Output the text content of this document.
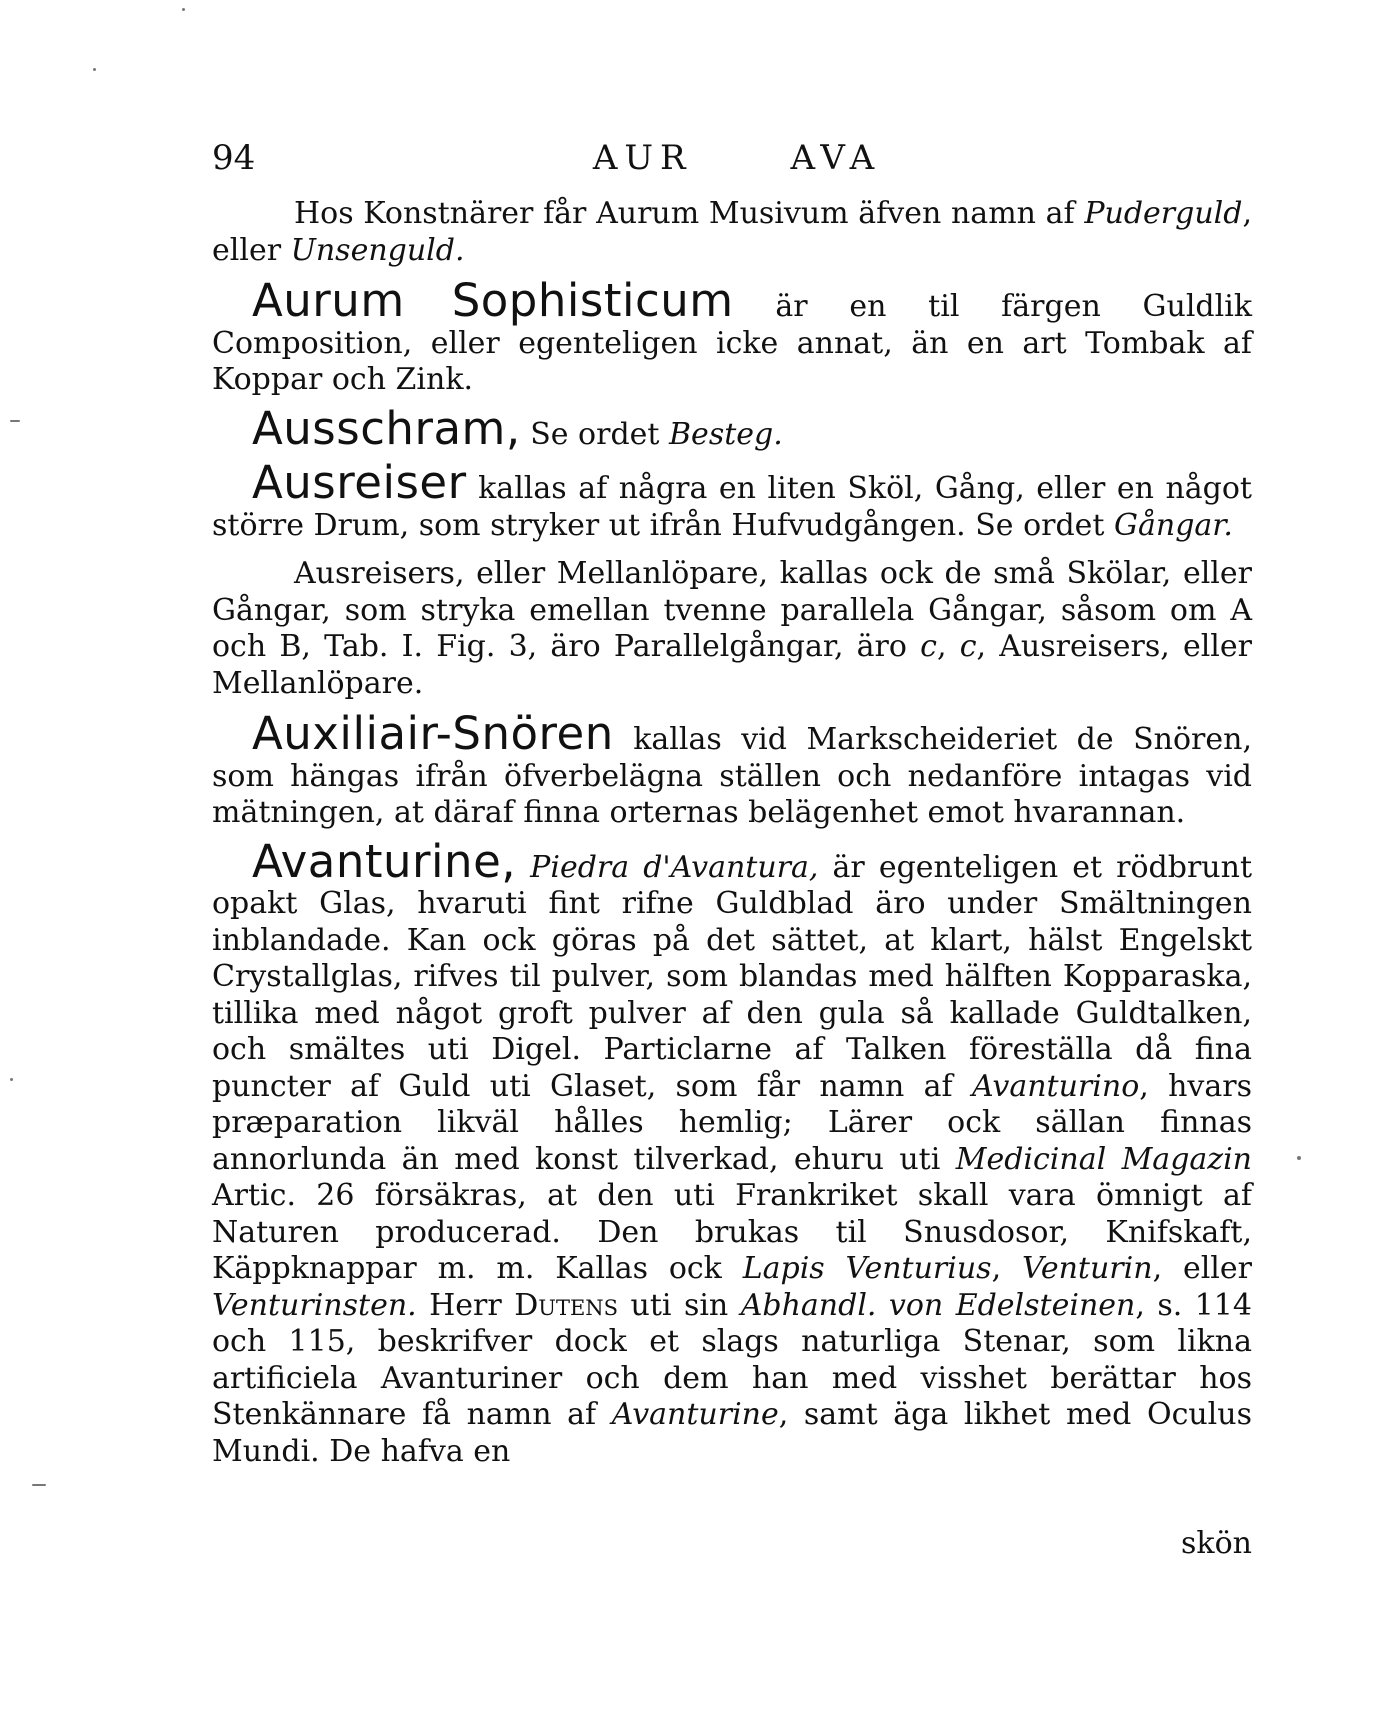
94	AUR	AVA

Hos Konstnärer får Aurum Musivum äfven namn af Puderguld, eller Unsenguld.

Aurum Sophisticum är en til färgen Guldlik Composition, eller egenteligen icke annat, än en art Tombak af Koppar och Zink.

Ausschram, Se ordet Besteg.

Ausreiser kallas af några en liten Sköl, Gång, eller en något större Drum, som stryker ut ifrån Hufvudgången. Se ordet Gångar.

Ausreisers, eller Mellanlöpare, kallas ock de små Skölar, eller Gångar, som stryka emellan tvenne parallela Gångar, såsom om A och B, Tab. I. Fig. 3, äro Parallelgångar, äro c, c, Ausreisers, eller Mellanlöpare.

Auxiliair-Snören kallas vid Markscheideriet de Snören, som hängas ifrån öfverbelägna ställen och nedanföre intagas vid mätningen, at däraf finna orternas belägenhet emot hvarannan.

Avanturine, Piedra d'Avantura, är egenteligen et rödbrunt opakt Glas, hvaruti fint rifne Guldblad äro under Smältningen inblandade. Kan ock göras på det sättet, at klart, hälst Engelskt Crystallglas, rifves til pulver, som blandas med hälften Kopparaska, tillika med något groft pulver af den gula så kallade Guldtalken, och smältes uti Digel. Particlarne af Talken föreställa då fina puncter af Guld uti Glaset, som får namn af Avanturino, hvars præparation likväl hålles hemlig; Lärer ock sällan finnas annorlunda än med konst tilverkad, ehuru uti Medicinal Magazin Artic. 26 försäkras, at den uti Frankriket skall vara ömnigt af Naturen producerad. Den brukas til Snusdosor, Knifskaft, Käppknappar m. m. Kallas ock Lapis Venturius, Venturin, eller Venturinsten. Herr Dutens uti sin Abhandl. von Edelsteinen, s. 114 och 115, beskrifver dock et slags naturliga Stenar, som likna artificiela Avanturiner och dem han med visshet berättar hos Stenkännare få namn af Avanturine, samt äga likhet med Oculus Mundi. De hafva en

skön
